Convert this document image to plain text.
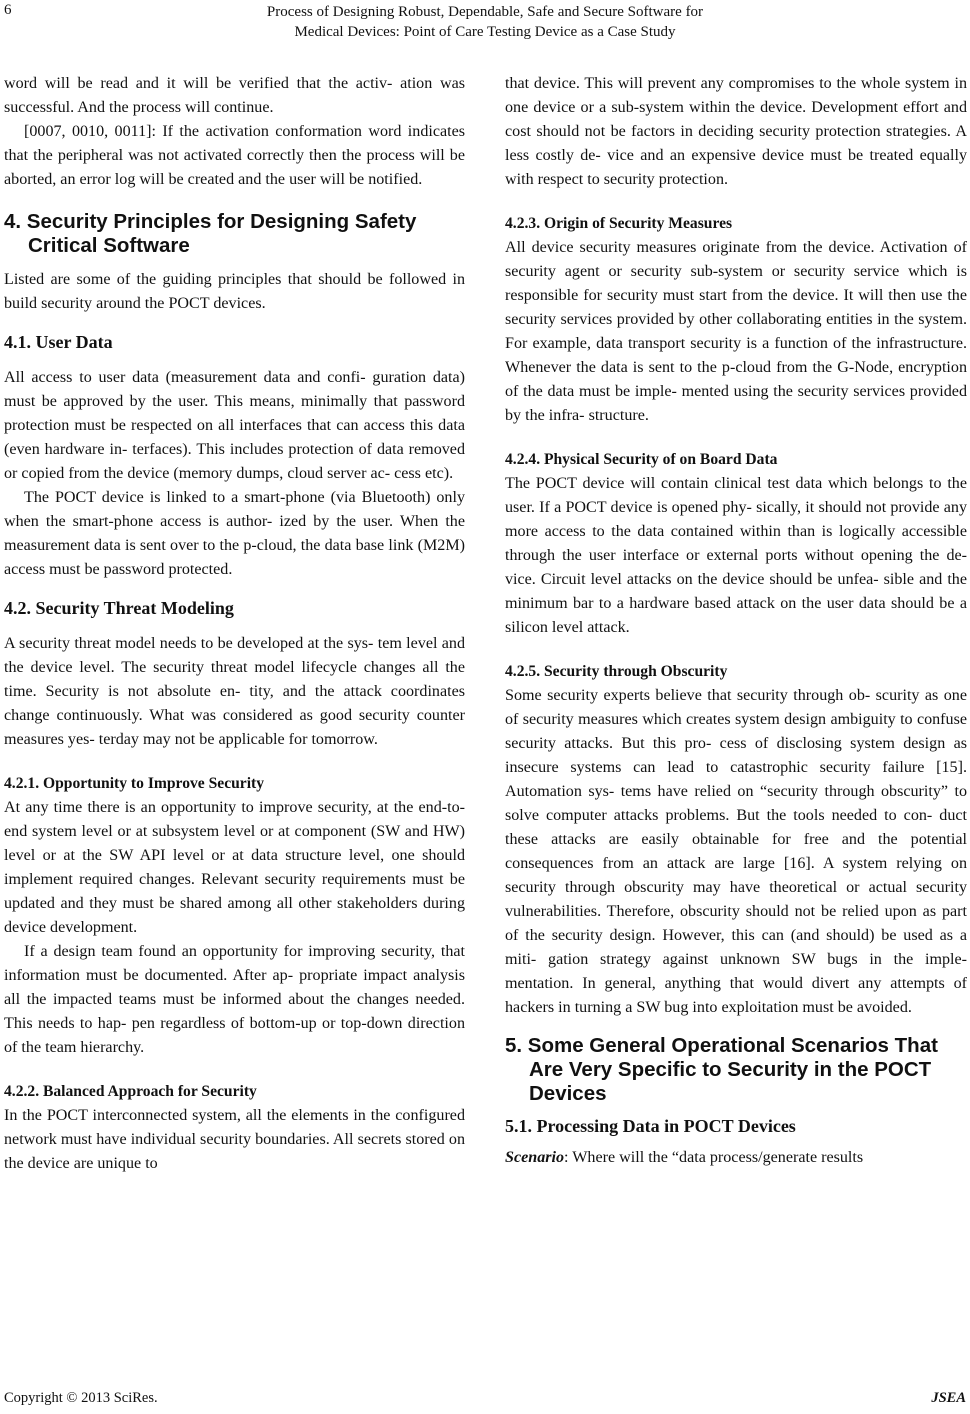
6	Process of Designing Robust, Dependable, Safe and Secure Software for
Medical Devices: Point of Care Testing Device as a Case Study

word will be read and it will be verified that the activ- ation was successful. And the process will continue.

[0007, 0010, 0011]: If the activation conformation word indicates that the peripheral was not activated correctly then the process will be aborted, an error log will be created and the user will be notified.

4. Security Principles for Designing Safety Critical Software

Listed are some of the guiding principles that should be followed in build security around the POCT devices.

4.1. User Data

All access to user data (measurement data and confi- guration data) must be approved by the user. This means, minimally that password protection must be respected on all interfaces that can access this data (even hardware in- terfaces). This includes protection of data removed or copied from the device (memory dumps, cloud server ac- cess etc).

The POCT device is linked to a smart-phone (via Bluetooth) only when the smart-phone access is author- ized by the user. When the measurement data is sent over to the p-cloud, the data base link (M2M) access must be password protected.

4.2. Security Threat Modeling

A security threat model needs to be developed at the sys- tem level and the device level. The security threat model lifecycle changes all the time. Security is not absolute en- tity, and the attack coordinates change continuously. What was considered as good security counter measures yes- terday may not be applicable for tomorrow.

4.2.1. Opportunity to Improve Security

At any time there is an opportunity to improve security, at the end-to-end system level or at subsystem level or at component (SW and HW) level or at the SW API level or at data structure level, one should implement required changes. Relevant security requirements must be updated and they must be shared among all other stakeholders during device development.

If a design team found an opportunity for improving security, that information must be documented. After ap- propriate impact analysis all the impacted teams must be informed about the changes needed. This needs to hap- pen regardless of bottom-up or top-down direction of the team hierarchy.

4.2.2. Balanced Approach for Security

In the POCT interconnected system, all the elements in the configured network must have individual security boundaries. All secrets stored on the device are unique to

that device. This will prevent any compromises to the whole system in one device or a sub-system within the device. Development effort and cost should not be factors in deciding security protection strategies. A less costly de- vice and an expensive device must be treated equally with respect to security protection.

4.2.3. Origin of Security Measures

All device security measures originate from the device. Activation of security agent or security sub-system or security service which is responsible for security must start from the device. It will then use the security services provided by other collaborating entities in the system. For example, data transport security is a function of the infrastructure. Whenever the data is sent to the p-cloud from the G-Node, encryption of the data must be imple- mented using the security services provided by the infra- structure.

4.2.4. Physical Security of on Board Data

The POCT device will contain clinical test data which belongs to the user. If a POCT device is opened phy- sically, it should not provide any more access to the data contained within than is logically accessible through the user interface or external ports without opening the de- vice. Circuit level attacks on the device should be unfea- sible and the minimum bar to a hardware based attack on the user data should be a silicon level attack.

4.2.5. Security through Obscurity

Some security experts believe that security through ob- scurity as one of security measures which creates system design ambiguity to confuse security attacks. But this pro- cess of disclosing system design as insecure systems can lead to catastrophic security failure [15]. Automation sys- tems have relied on “security through obscurity” to solve computer attacks problems. But the tools needed to con- duct these attacks are easily obtainable for free and the potential consequences from an attack are large [16]. A system relying on security through obscurity may have theoretical or actual security vulnerabilities. Therefore, obscurity should not be relied upon as part of the security design. However, this can (and should) be used as a miti- gation strategy against unknown SW bugs in the imple- mentation. In general, anything that would divert any attempts of hackers in turning a SW bug into exploitation must be avoided.

5. Some General Operational Scenarios That Are Very Specific to Security in the POCT Devices
5.1. Processing Data in POCT Devices

Scenario: Where will the “data process/generate results

Copyright © 2013 SciRes.	JSEA
